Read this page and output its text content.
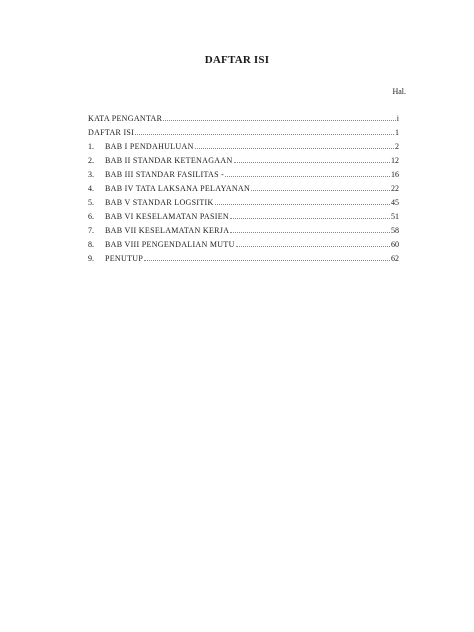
DAFTAR ISI
Hal.
KATA PENGANTAR	i
DAFTAR ISI	1
1.	BAB I PENDAHULUAN	2
2.	BAB II STANDAR KETENAGAAN	12
3.	BAB III STANDAR FASILITAS -	16
4.	BAB IV TATA LAKSANA PELAYANAN	22
5.	BAB V STANDAR LOGSITIK	45
6.	BAB VI KESELAMATAN PASIEN	51
7.	BAB VII KESELAMATAN KERJA	58
8.	BAB VIII PENGENDALIAN MUTU	60
9.	PENUTUP	62
